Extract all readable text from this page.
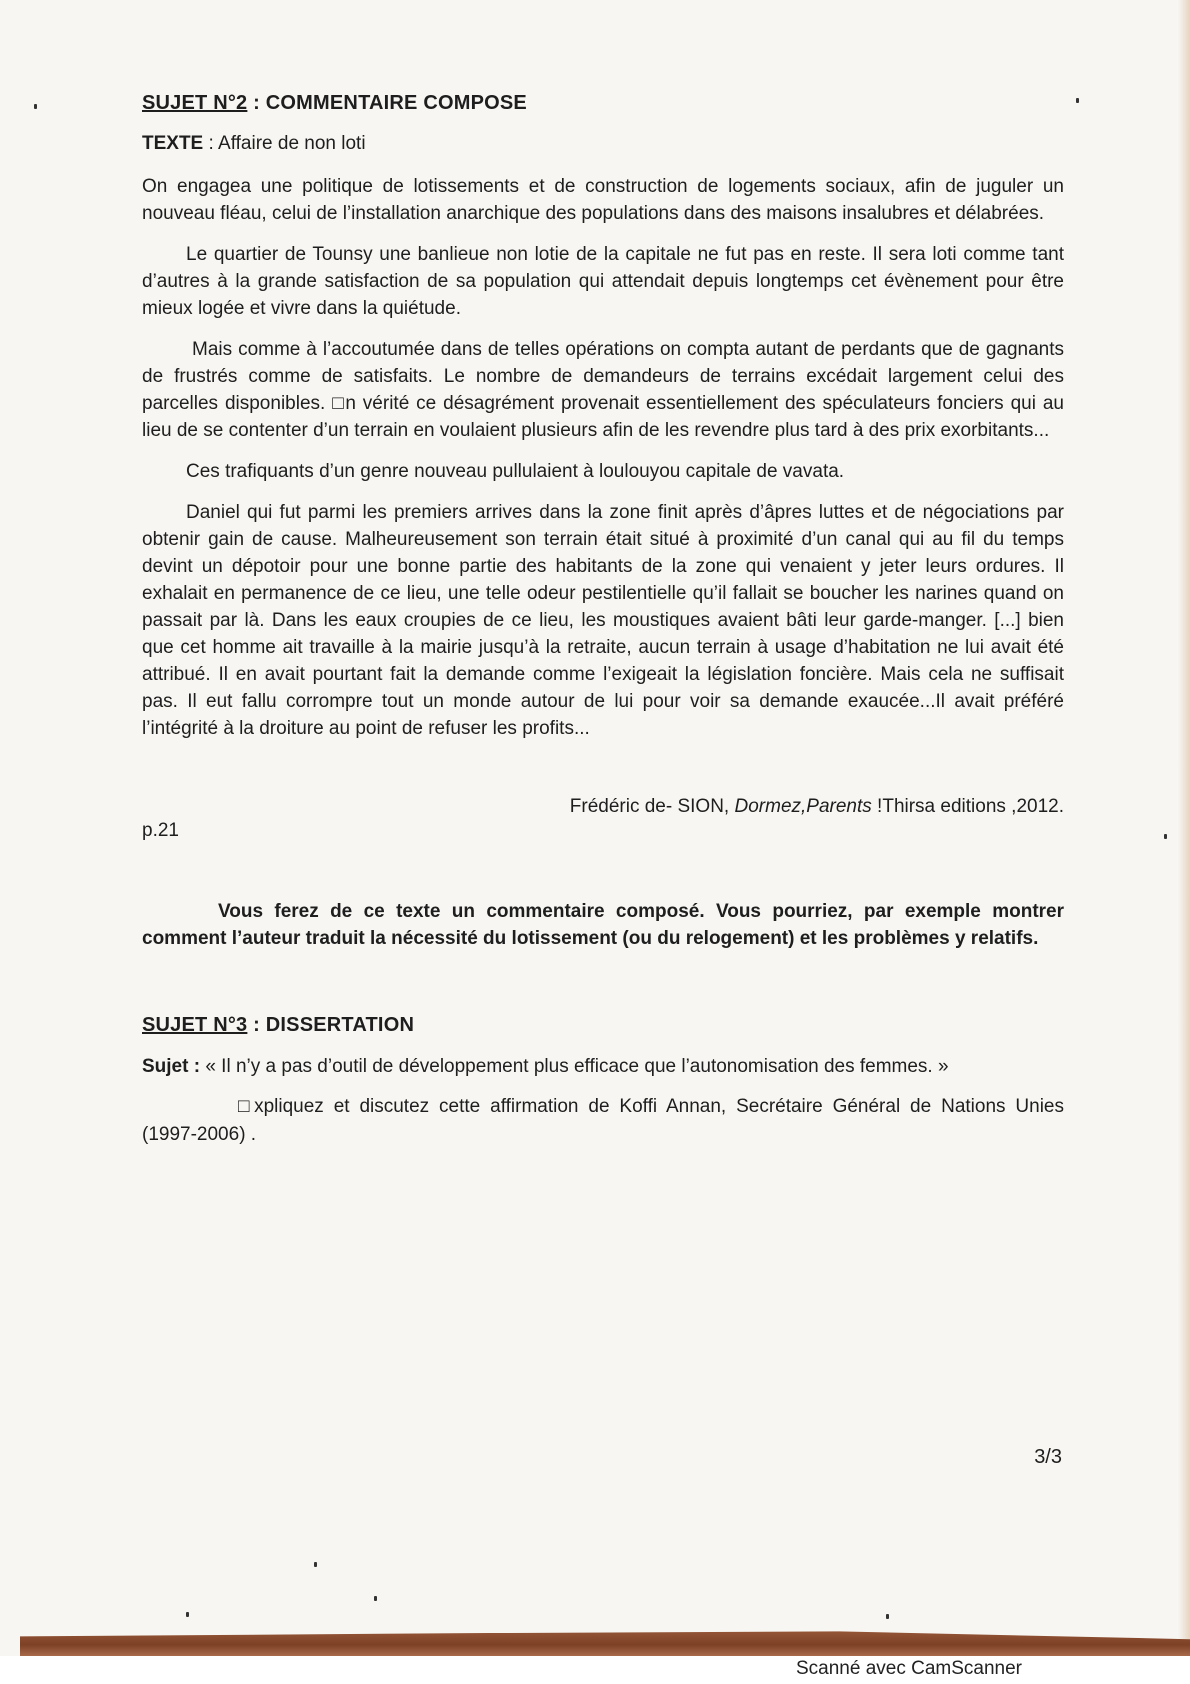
SUJET N°2 : COMMENTAIRE COMPOSE
TEXTE : Affaire de non loti

On engagea une politique de lotissements et de construction de logements sociaux, afin de juguler un nouveau fléau, celui de l’installation anarchique des populations dans des maisons insalubres et délabrées.

Le quartier de Tounsy une banlieue non lotie de la capitale ne fut pas en reste. Il sera loti comme tant d’autres à la grande satisfaction de sa population qui attendait depuis longtemps cet évènement pour être mieux logée et vivre dans la quiétude.

Mais comme à l’accoutumée dans de telles opérations on compta autant de perdants que de gagnants de frustrés comme de satisfaits. Le nombre de demandeurs de terrains excédait largement celui des parcelles disponibles. □n vérité ce désagrément provenait essentiellement des spéculateurs fonciers qui au lieu de se contenter d’un terrain en voulaient plusieurs afin de les revendre plus tard à des prix exorbitants...

Ces trafiquants d’un genre nouveau pullulaient à loulouyou capitale de vavata.

Daniel qui fut parmi les premiers arrives dans la zone finit après d’âpres luttes et de négociations par obtenir gain de cause. Malheureusement son terrain était situé à proximité d’un canal qui au fil du temps devint un dépotoir pour une bonne partie des habitants de la zone qui venaient y jeter leurs ordures. Il exhalait en permanence de ce lieu, une telle odeur pestilentielle qu’il fallait se boucher les narines quand on passait par là. Dans les eaux croupies de ce lieu, les moustiques avaient bâti leur garde-manger. [...] bien que cet homme ait travaille à la mairie jusqu’à la retraite, aucun terrain à usage d’habitation ne lui avait été attribué. Il en avait pourtant fait la demande comme l’exigeait la législation foncière. Mais cela ne suffisait pas. Il eut fallu corrompre tout un monde autour de lui pour voir sa demande exaucée...Il avait préféré l’intégrité à la droiture au point de refuser les profits...

Frédéric de- SION, Dormez,Parents !Thirsa editions ,2012.
p.21
Vous ferez de ce texte un commentaire composé. Vous pourriez, par exemple montrer comment l’auteur traduit la nécessité du lotissement (ou du relogement) et les problèmes y relatifs.
SUJET N°3 : DISSERTATION
Sujet : « Il n’y a pas d’outil de développement plus efficace que l’autonomisation des femmes. »
□xpliquez et discutez cette affirmation de Koffi Annan, Secrétaire Général de Nations Unies (1997-2006) .
3/3
Scanné avec CamScanner
